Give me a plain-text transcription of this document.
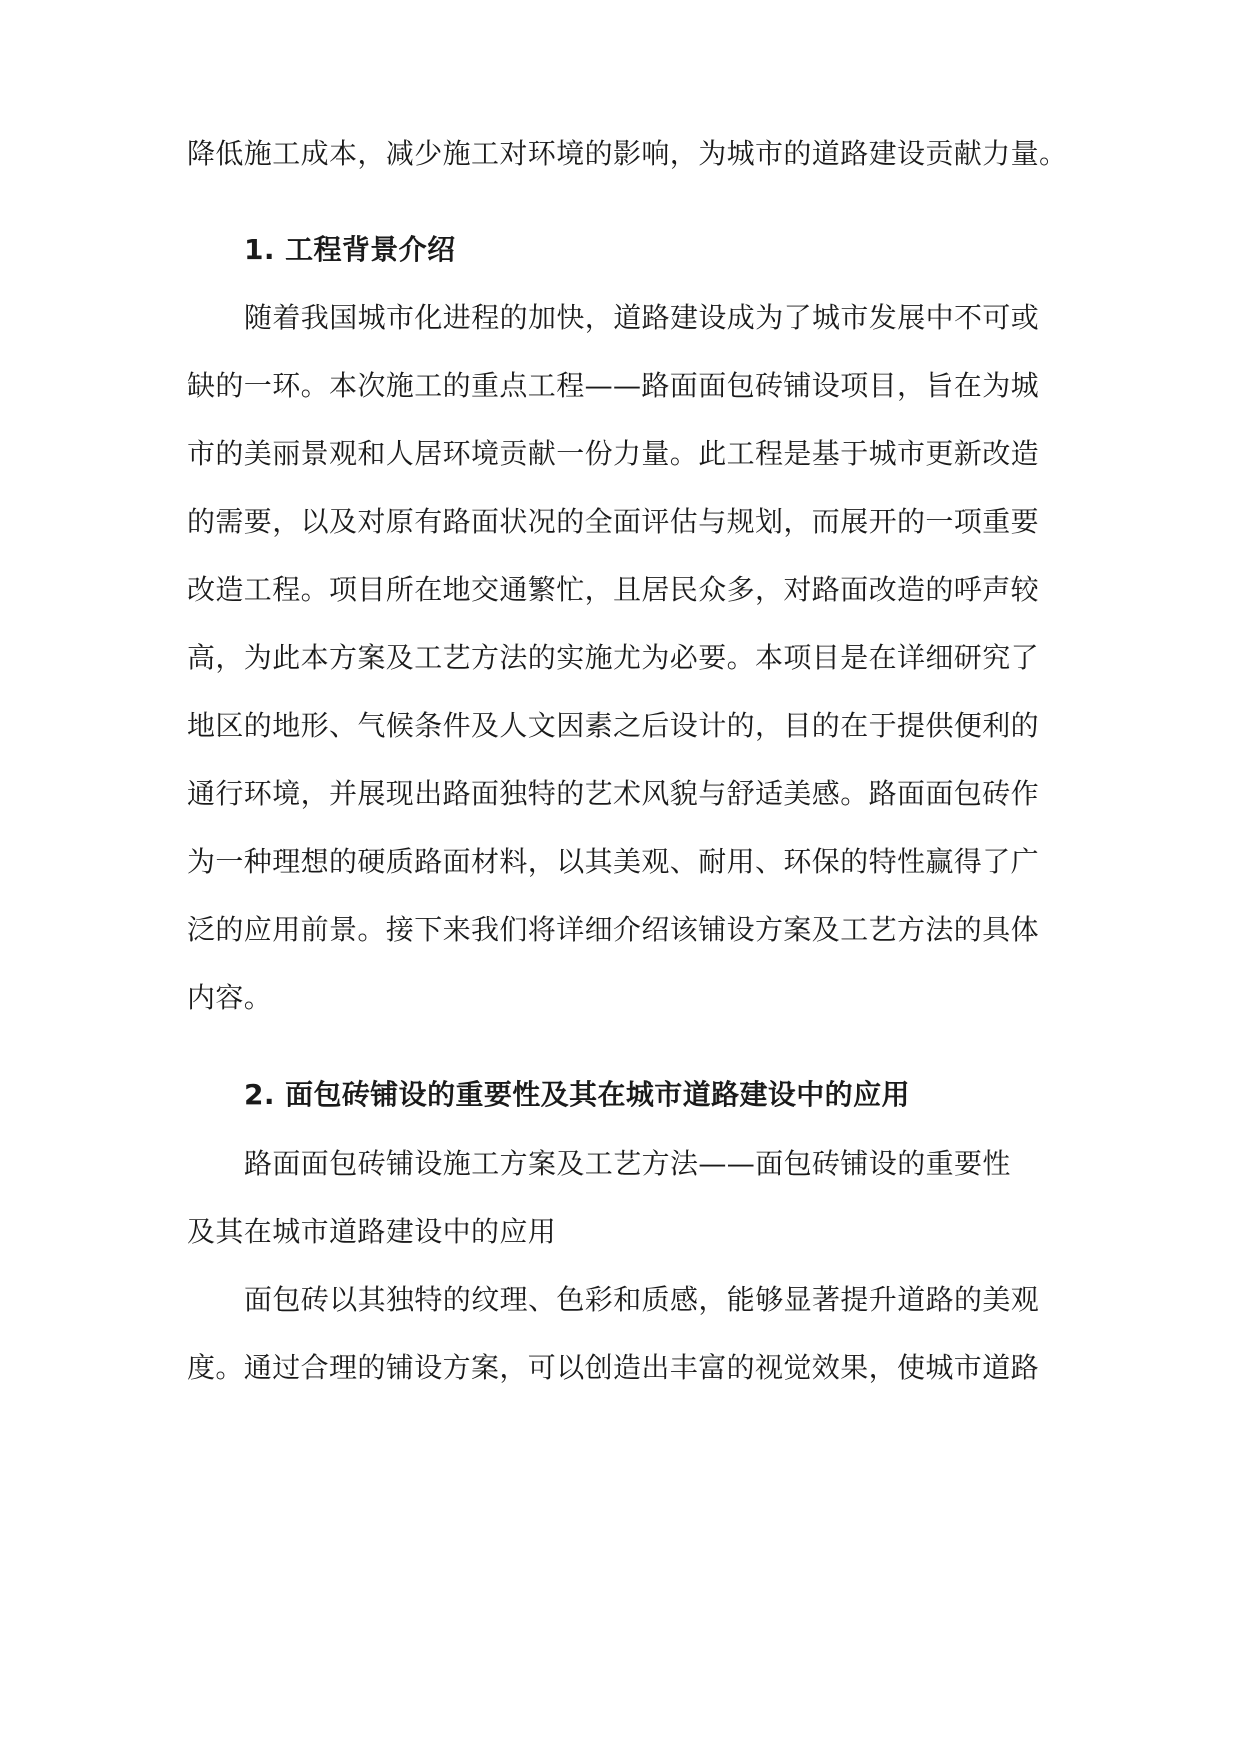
降低施工成本，减少施工对环境的影响，为城市的道路建设贡献力量。
1. 工程背景介绍
随着我国城市化进程的加快，道路建设成为了城市发展中不可或
缺的一环。本次施工的重点工程——路面面包砖铺设项目，旨在为城
市的美丽景观和人居环境贡献一份力量。此工程是基于城市更新改造
的需要，以及对原有路面状况的全面评估与规划，而展开的一项重要
改造工程。项目所在地交通繁忙，且居民众多，对路面改造的呼声较
高，为此本方案及工艺方法的实施尤为必要。本项目是在详细研究了
地区的地形、气候条件及人文因素之后设计的，目的在于提供便利的
通行环境，并展现出路面独特的艺术风貌与舒适美感。路面面包砖作
为一种理想的硬质路面材料，以其美观、耐用、环保的特性赢得了广
泛的应用前景。接下来我们将详细介绍该铺设方案及工艺方法的具体
内容。
2. 面包砖铺设的重要性及其在城市道路建设中的应用
路面面包砖铺设施工方案及工艺方法——面包砖铺设的重要性
及其在城市道路建设中的应用
面包砖以其独特的纹理、色彩和质感，能够显著提升道路的美观
度。通过合理的铺设方案，可以创造出丰富的视觉效果，使城市道路
